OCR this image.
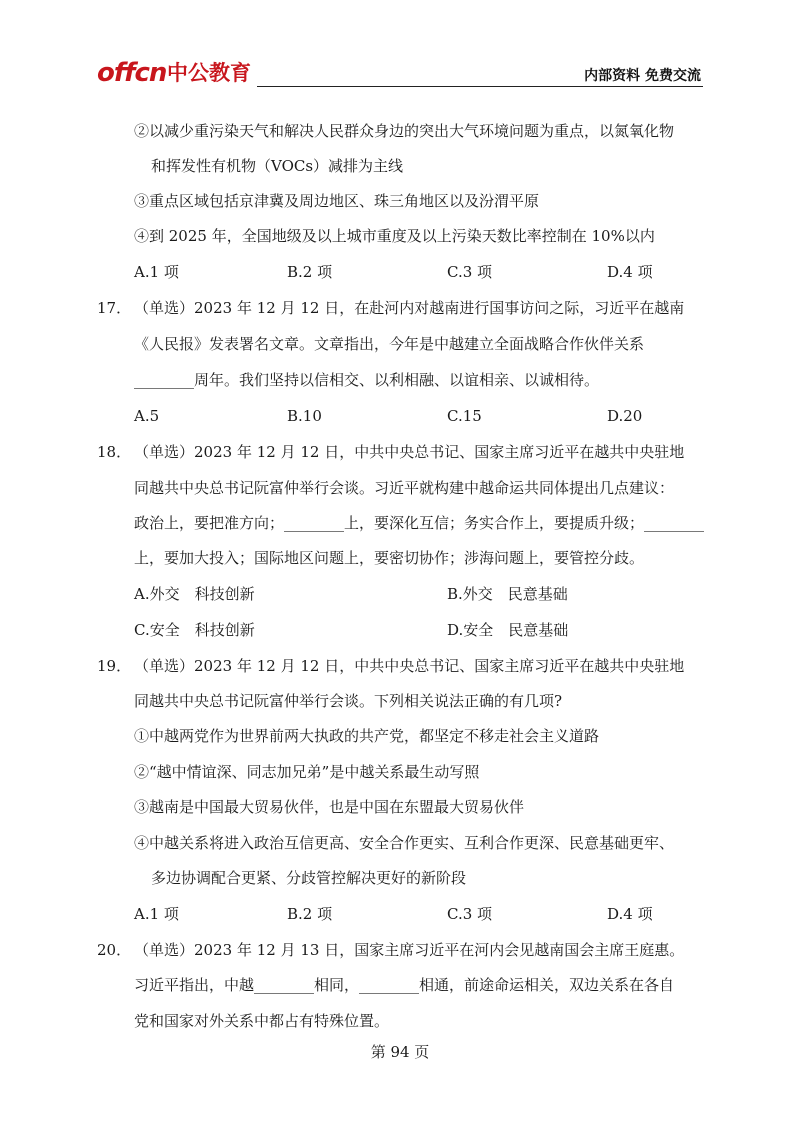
offcn 中公教育	内部资料 免费交流
②以减少重污染天气和解决人民群众身边的突出大气环境问题为重点，以氮氧化物
和挥发性有机物（VOCs）减排为主线
③重点区域包括京津冀及周边地区、珠三角地区以及汾渭平原
④到 2025 年，全国地级及以上城市重度及以上污染天数比率控制在 10%以内
A.1 项	B.2 项	C.3 项	D.4 项
17． （单选）2023 年 12 月 12 日，在赴河内对越南进行国事访问之际，习近平在越南
《人民报》发表署名文章。文章指出，今年是中越建立全面战略合作伙伴关系
________周年。我们坚持以信相交、以利相融、以谊相亲、以诚相待。
A.5	B.10	C.15	D.20
18． （单选）2023 年 12 月 12 日，中共中央总书记、国家主席习近平在越共中央驻地
同越共中央总书记阮富仲举行会谈。习近平就构建中越命运共同体提出几点建议：
政治上，要把准方向；________上，要深化互信；务实合作上，要提质升级；________
上，要加大投入；国际地区问题上，要密切协作；涉海问题上，要管控分歧。
A.外交　科技创新	B.外交　民意基础
C.安全　科技创新	D.安全　民意基础
19． （单选）2023 年 12 月 12 日，中共中央总书记、国家主席习近平在越共中央驻地
同越共中央总书记阮富仲举行会谈。下列相关说法正确的有几项?
①中越两党作为世界前两大执政的共产党，都坚定不移走社会主义道路
②“越中情谊深、同志加兄弟”是中越关系最生动写照
③越南是中国最大贸易伙伴，也是中国在东盟最大贸易伙伴
④中越关系将进入政治互信更高、安全合作更实、互利合作更深、民意基础更牢、
多边协调配合更紧、分歧管控解决更好的新阶段
A.1 项	B.2 项	C.3 项	D.4 项
20． （单选）2023 年 12 月 13 日，国家主席习近平在河内会见越南国会主席王庭惠。
习近平指出，中越________相同，________相通，前途命运相关，双边关系在各自
党和国家对外关系中都占有特殊位置。
第 94 页
